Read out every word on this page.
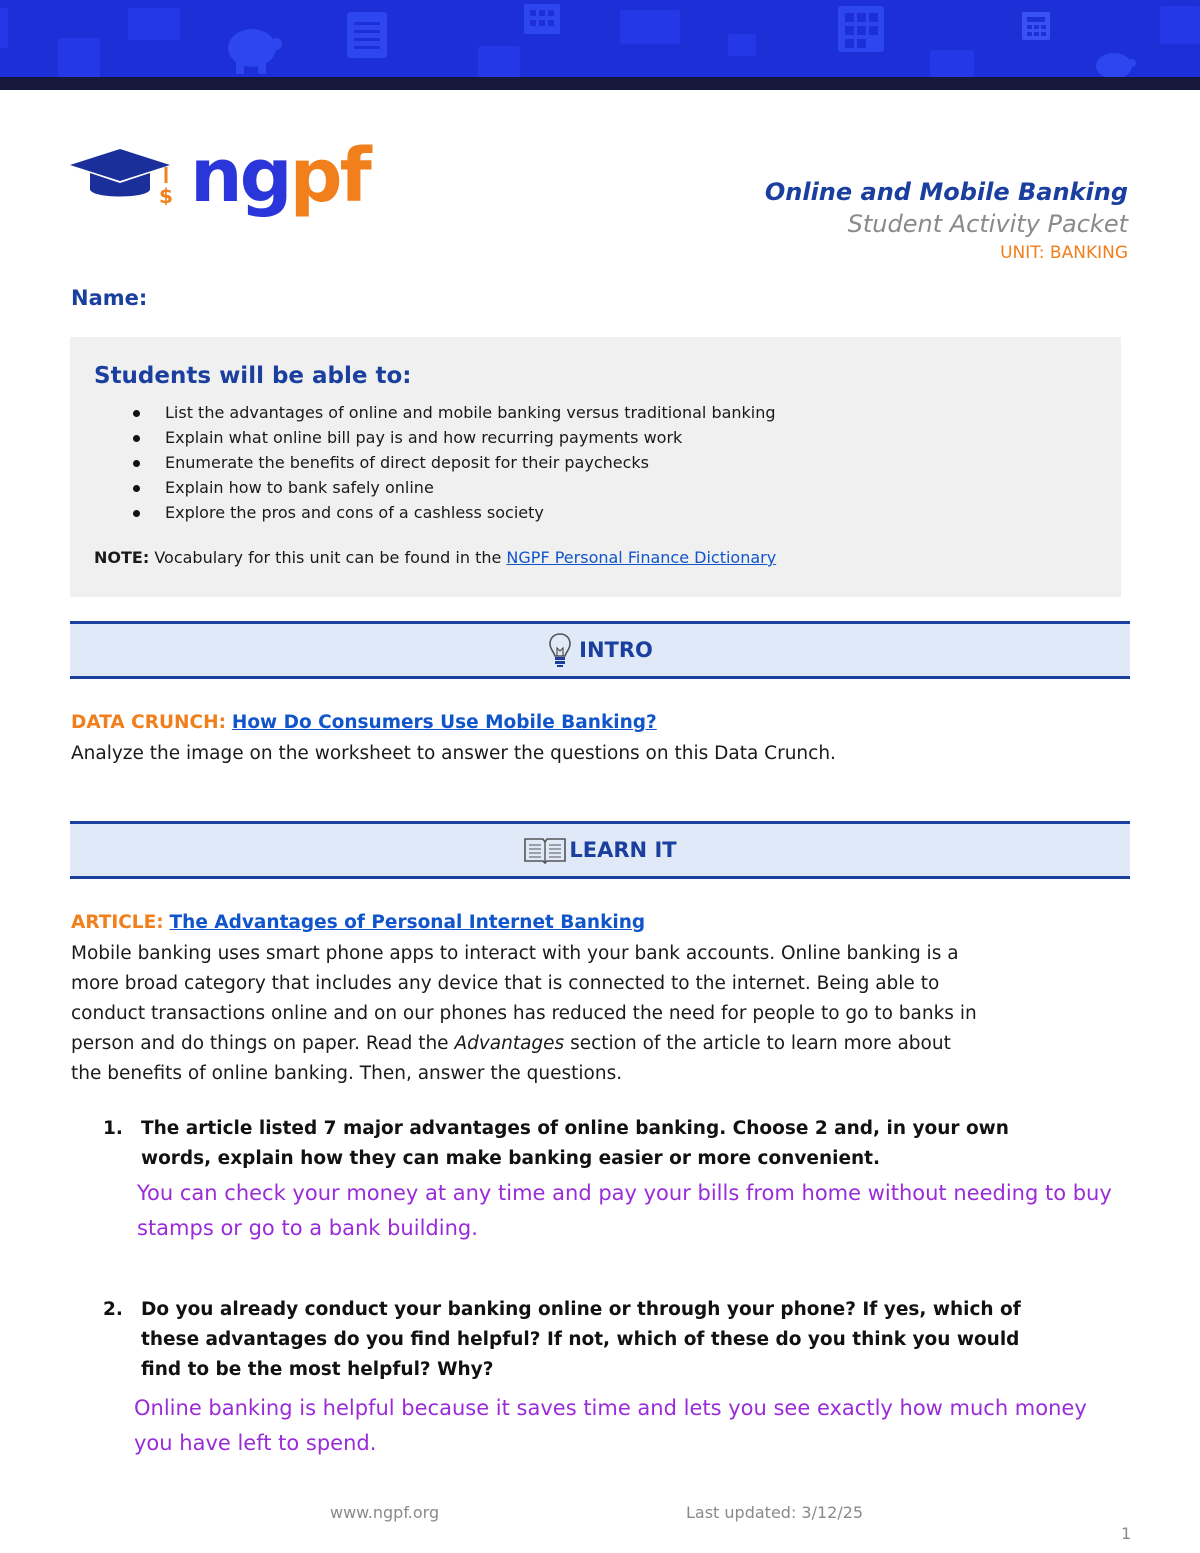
$ ngpf	Online and Mobile Banking
Student Activity Packet
UNIT: BANKING
Name:
Students will be able to:
List the advantages of online and mobile banking versus traditional banking
Explain what online bill pay is and how recurring payments work
Enumerate the benefits of direct deposit for their paychecks
Explain how to bank safely online
Explore the pros and cons of a cashless society
NOTE: Vocabulary for this unit can be found in the NGPF Personal Finance Dictionary
INTRO
DATA CRUNCH: How Do Consumers Use Mobile Banking?
Analyze the image on the worksheet to answer the questions on this Data Crunch.
LEARN IT
ARTICLE: The Advantages of Personal Internet Banking
Mobile banking uses smart phone apps to interact with your bank accounts. Online banking is a
more broad category that includes any device that is connected to the internet. Being able to
conduct transactions online and on our phones has reduced the need for people to go to banks in
person and do things on paper. Read the Advantages section of the article to learn more about
the benefits of online banking. Then, answer the questions.
1. The article listed 7 major advantages of online banking. Choose 2 and, in your own
words, explain how they can make banking easier or more convenient.
You can check your money at any time and pay your bills from home without needing to buy
stamps or go to a bank building.
2. Do you already conduct your banking online or through your phone? If yes, which of
these advantages do you find helpful? If not, which of these do you think you would
find to be the most helpful? Why?
Online banking is helpful because it saves time and lets you see exactly how much money
you have left to spend.
www.ngpf.org	Last updated: 3/12/25
1
